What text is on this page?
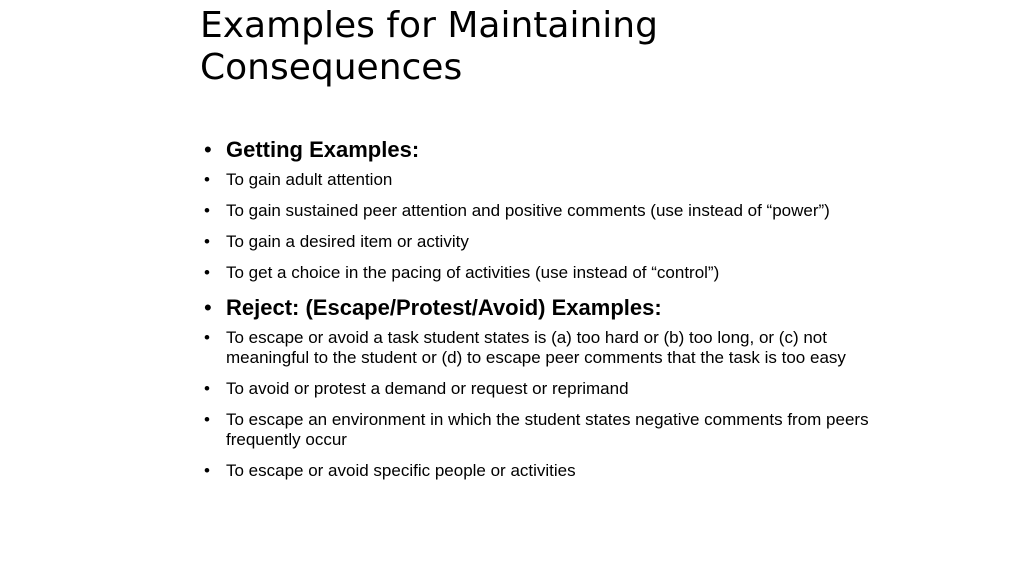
Examples for Maintaining
Consequences
• Getting Examples:
• To gain adult attention
• To gain sustained peer attention and positive comments (use instead of “power”)
• To gain a desired item or activity
• To get a choice in the pacing of activities (use instead of “control”)
• Reject: (Escape/Protest/Avoid) Examples:
• To escape or avoid a task student states is (a) too hard or (b) too long, or (c) not meaningful to the student or (d) to escape peer comments that the task is too easy
• To avoid or protest a demand or request or reprimand
• To escape an environment in which the student states negative comments from peers frequently occur
• To escape or avoid specific people or activities
